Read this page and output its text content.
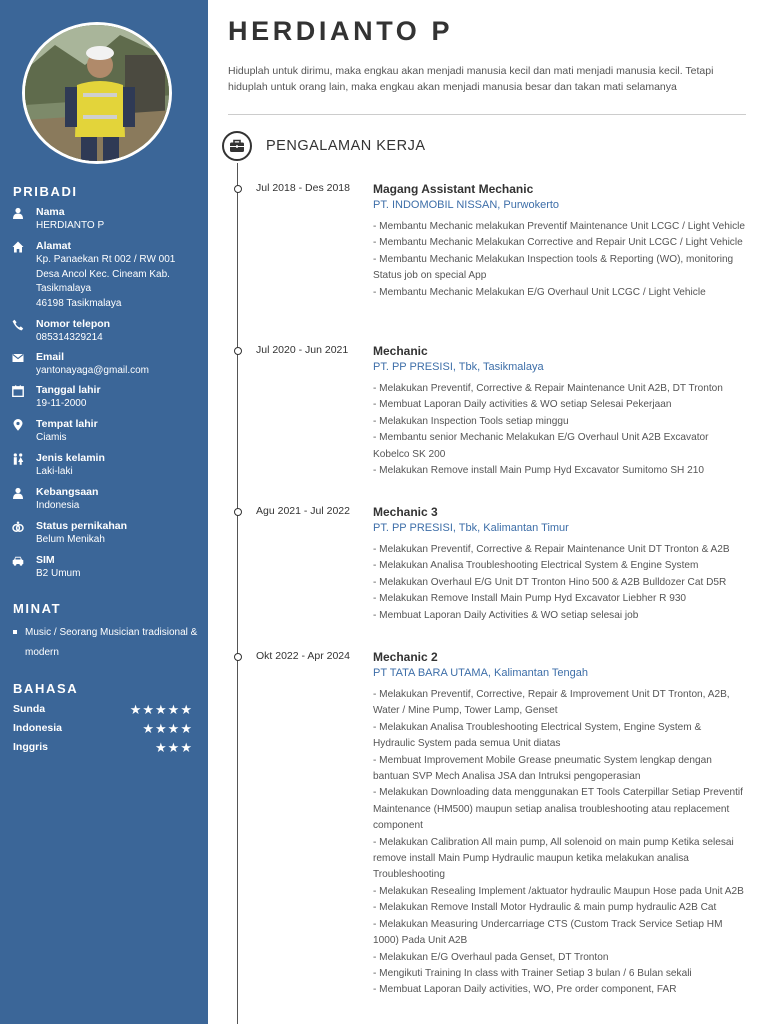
PRIBADI
Nama
HERDIANTO P
Alamat
Kp. Panaekan Rt 002 / RW 001
Desa Ancol Kec. Cineam Kab.
Tasikmalaya
46198 Tasikmalaya
Nomor telepon
085314329214
Email
yantonayaga@gmail.com
Tanggal lahir
19-11-2000
Tempat lahir
Ciamis
Jenis kelamin
Laki-laki
Kebangsaan
Indonesia
Status pernikahan
Belum Menikah
SIM
B2 Umum
MINAT
Music / Seorang Musician tradisional & modern
BAHASA
Sunda	★★★★★
Indonesia	★★★★
Inggris	★★★
HERDIANTO P
Hiduplah untuk dirimu, maka engkau akan menjadi manusia kecil dan mati menjadi manusia kecil. Tetapi hiduplah untuk orang lain, maka engkau akan menjadi manusia besar dan takan mati selamanya
PENGALAMAN KERJA
Jul 2018 - Des 2018 Magang Assistant Mechanic
PT. INDOMOBIL NISSAN, Purwokerto
- Membantu Mechanic melakukan Preventif Maintenance Unit LCGC / Light Vehicle
- Membantu Mechanic Melakukan Corrective and Repair Unit LCGC / Light Vehicle
- Membantu Mechanic Melakukan Inspection tools & Reporting (WO), monitoring Status job on special App
- Membantu Mechanic Melakukan E/G Overhaul Unit LCGC / Light Vehicle
Jul 2020 - Jun 2021 Mechanic
PT. PP PRESISI, Tbk, Tasikmalaya
- Melakukan Preventif, Corrective & Repair Maintenance Unit A2B, DT Tronton
- Membuat Laporan Daily activities & WO setiap Selesai Pekerjaan
- Melakukan Inspection Tools setiap minggu
- Membantu senior Mechanic Melakukan E/G Overhaul Unit A2B Excavator Kobelco SK 200
- Melakukan Remove install Main Pump Hyd Excavator Sumitomo SH 210
Agu 2021 - Jul 2022 Mechanic 3
PT. PP PRESISI, Tbk, Kalimantan Timur
- Melakukan Preventif, Corrective & Repair Maintenance Unit DT Tronton & A2B
- Melakukan Analisa Troubleshooting Electrical System & Engine System
- Melakukan Overhaul E/G Unit DT Tronton Hino 500 & A2B Bulldozer Cat D5R
- Melakukan Remove Install Main Pump Hyd Excavator Liebher R 930
- Membuat Laporan Daily Activities & WO setiap selesai job
Okt 2022 - Apr 2024 Mechanic 2
PT TATA BARA UTAMA, Kalimantan Tengah
- Melakukan Preventif, Corrective, Repair & Improvement Unit DT Tronton, A2B, Water / Mine Pump, Tower Lamp, Genset
- Melakukan Analisa Troubleshooting Electrical System, Engine System & Hydraulic System pada semua Unit diatas
- Membuat Improvement Mobile Grease pneumatic System lengkap dengan bantuan SVP Mech Analisa JSA dan Intruksi pengoperasian
- Melakukan Downloading data menggunakan ET Tools Caterpillar Setiap Preventif Maintenance (HM500) maupun setiap analisa troubleshooting atau replacement component
- Melakukan Calibration All main pump, All solenoid on main pump Ketika selesai remove install Main Pump Hydraulic maupun ketika melakukan analisa Troubleshooting
- Melakukan Resealing Implement /aktuator hydraulic Maupun Hose pada Unit A2B
- Melakukan Remove Install Motor Hydraulic & main pump hydraulic A2B Cat
- Melakukan Measuring Undercarriage CTS (Custom Track Service Setiap HM 1000) Pada Unit A2B
- Melakukan E/G Overhaul pada Genset, DT Tronton
- Mengikuti Training In class with Trainer Setiap 3 bulan / 6 Bulan sekali
- Membuat Laporan Daily activities, WO, Pre order component, FAR
